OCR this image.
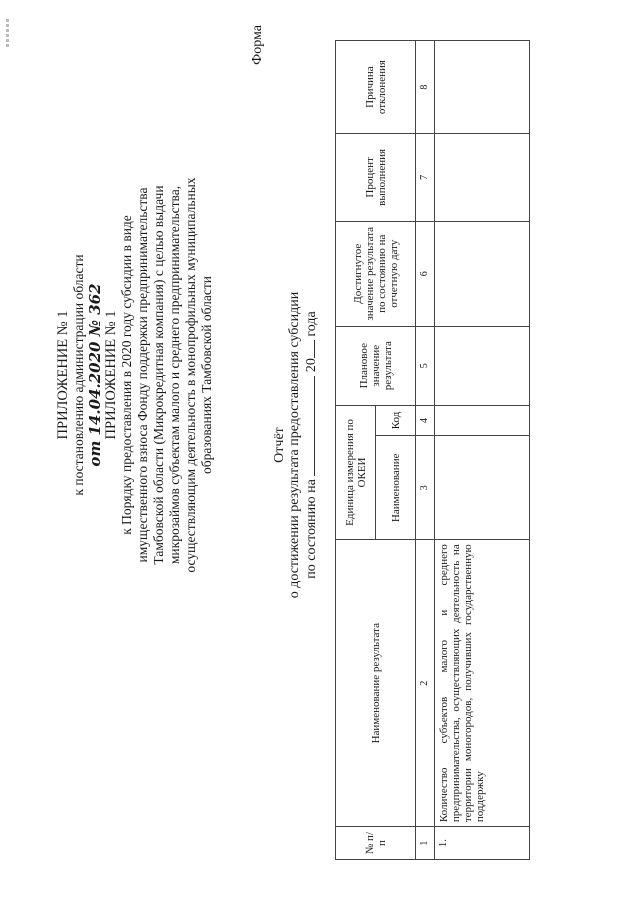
ПРИЛОЖЕНИЕ № 1 к постановлению администрации области от 14.04.2020 № 362 ПРИЛОЖЕНИЕ № 1 к Порядку предоставления в 2020 году субсидии в виде имущественного взноса Фонду поддержки предпринимательства Тамбовской области (Микрокредитная компания) с целью выдачи микрозаймов субъектам малого и среднего предпринимательства, осуществляющим деятельность в монопрофильных муниципальных образованиях Тамбовской области
Форма
Отчёт о достижении результата предоставления субсидии по состоянию на  20 года
№ п/п	Наименование результата	Единица измерения по ОКЕИ		Плановое значение результата	Достигнутое значение результата по состоянию на отчетную дату	Процент выполнения	Причина отклонения
		Наименование	Код				
1	2	3	4	5	6	7	8
1.	Количество субъектов малого и среднего предпринимательства, осуществляющих деятельность на территории моногородов, получивших государственную поддержку						
